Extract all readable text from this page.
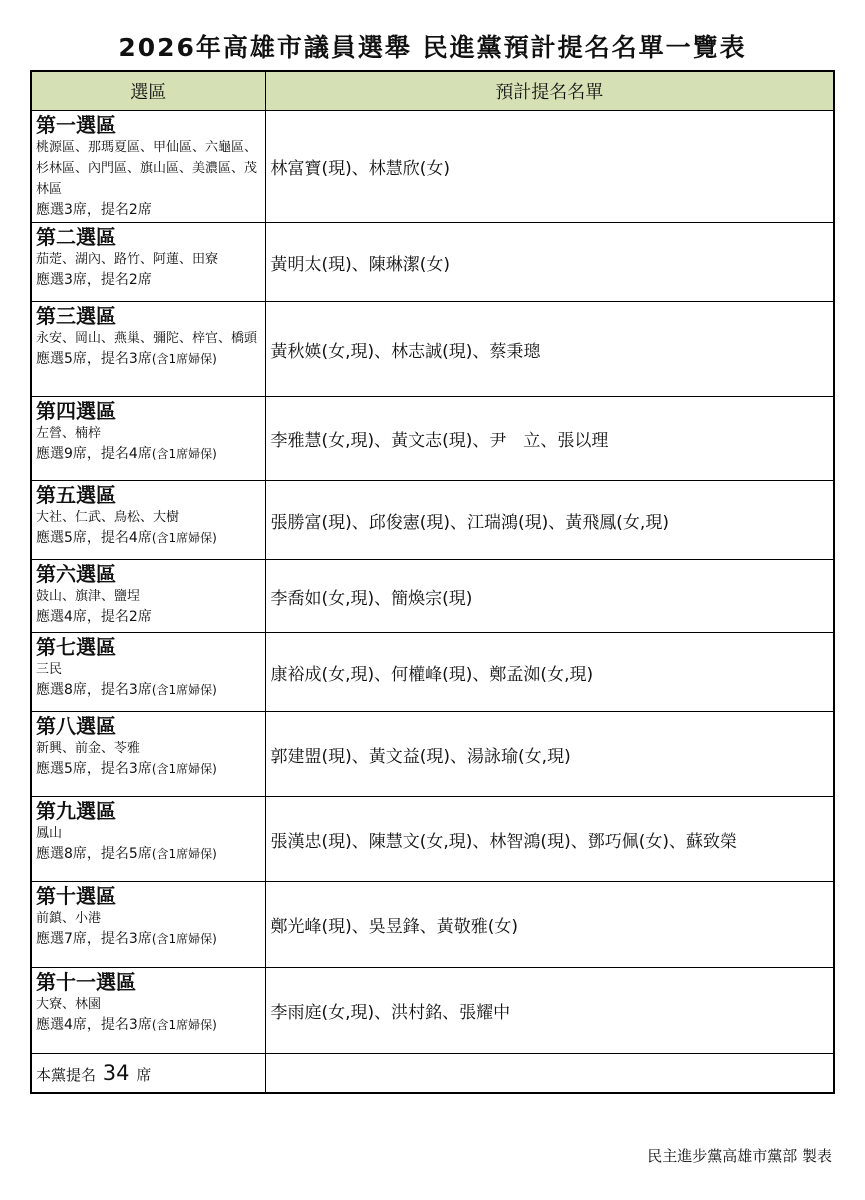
2026年高雄市議員選舉 民進黨預計提名名單一覽表
選區	預計提名名單

第一選區
桃源區、那瑪夏區、甲仙區、六龜區、杉林區、內門區、旗山區、美濃區、茂林區
應選3席，提名2席	林富寶(現)、林慧欣(女)

第二選區
茄萣、湖內、路竹、阿蓮、田寮
應選3席，提名2席	黃明太(現)、陳琳潔(女)

第三選區
永安、岡山、燕巢、彌陀、梓官、橋頭
應選5席，提名3席(含1席婦保)	黃秋媖(女,現)、林志誠(現)、蔡秉璁

第四選區
左營、楠梓
應選9席，提名4席(含1席婦保)	李雅慧(女,現)、黃文志(現)、尹　立、張以理

第五選區
大社、仁武、鳥松、大樹
應選5席，提名4席(含1席婦保)	張勝富(現)、邱俊憲(現)、江瑞鴻(現)、黃飛鳳(女,現)

第六選區
鼓山、旗津、鹽埕
應選4席，提名2席	李喬如(女,現)、簡煥宗(現)

第七選區
三民
應選8席，提名3席(含1席婦保)	康裕成(女,現)、何權峰(現)、鄭孟洳(女,現)

第八選區
新興、前金、苓雅
應選5席，提名3席(含1席婦保)	郭建盟(現)、黃文益(現)、湯詠瑜(女,現)

第九選區
鳳山
應選8席，提名5席(含1席婦保)	張漢忠(現)、陳慧文(女,現)、林智鴻(現)、鄧巧佩(女)、蘇致榮

第十選區
前鎮、小港
應選7席，提名3席(含1席婦保)	鄭光峰(現)、吳昱鋒、黃敬雅(女)

第十一選區
大寮、林園
應選4席，提名3席(含1席婦保)	李雨庭(女,現)、洪村銘、張耀中
本黨提名 34 席	
民主進步黨高雄市黨部 製表
